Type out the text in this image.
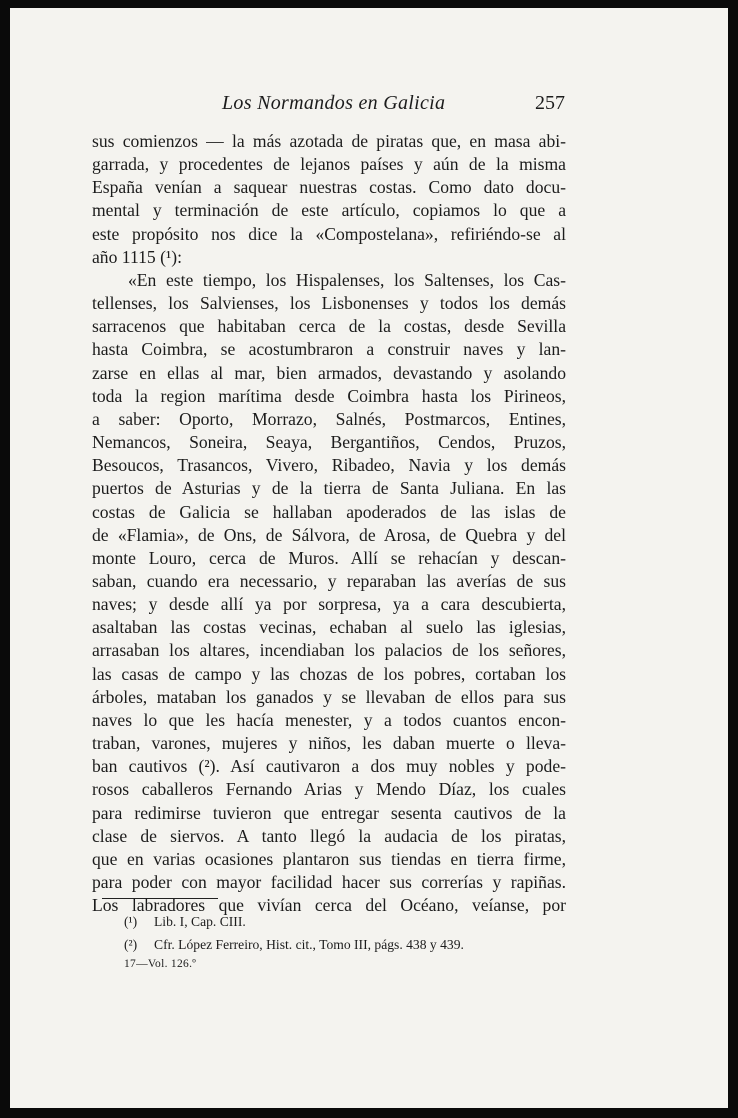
Los Normandos en Galicia	257

sus comienzos — la más azotada de piratas que, en masa abi-

garrada, y procedentes de lejanos países y aún de la misma

España venían a saquear nuestras costas. Como dato docu-

mental y terminación de este artículo, copiamos lo que a

este propósito nos dice la «Compostelana», refiriéndo-se al

año 1115 (¹):

«En este tiempo, los Hispalenses, los Saltenses, los Cas-

tellenses, los Salvienses, los Lisbonenses y todos los demás

sarracenos que habitaban cerca de la costas, desde Sevilla

hasta Coimbra, se acostumbraron a construir naves y lan-

zarse en ellas al mar, bien armados, devastando y asolando

toda la region marítima desde Coimbra hasta los Pirineos,

a saber: Oporto, Morrazo, Salnés, Postmarcos, Entines,

Nemancos, Soneira, Seaya, Bergantiños, Cendos, Pruzos,

Besoucos, Trasancos, Vivero, Ribadeo, Navia y los demás

puertos de Asturias y de la tierra de Santa Juliana. En las

costas de Galicia se hallaban apoderados de las islas de

de «Flamia», de Ons, de Sálvora, de Arosa, de Quebra y del

monte Louro, cerca de Muros. Allí se rehacían y descan-

saban, cuando era necessario, y reparaban las averías de sus

naves; y desde allí ya por sorpresa, ya a cara descubierta,

asaltaban las costas vecinas, echaban al suelo las iglesias,

arrasaban los altares, incendiaban los palacios de los señores,

las casas de campo y las chozas de los pobres, cortaban los

árboles, mataban los ganados y se llevaban de ellos para sus

naves lo que les hacía menester, y a todos cuantos encon-

traban, varones, mujeres y niños, les daban muerte o lleva-

ban cautivos (²). Así cautivaron a dos muy nobles y pode-

rosos caballeros Fernando Arias y Mendo Díaz, los cuales

para redimirse tuvieron que entregar sesenta cautivos de la

clase de siervos. A tanto llegó la audacia de los piratas,

que en varias ocasiones plantaron sus tiendas en tierra firme,

para poder con mayor facilidad hacer sus correrías y rapiñas.

Los labradores que vivían cerca del Océano, veíanse, por

(¹) Lib. I, Cap. CIII.

(²) Cfr. López Ferreiro, Hist. cit., Tomo III, págs. 438 y 439.

17—Vol. 126.º
